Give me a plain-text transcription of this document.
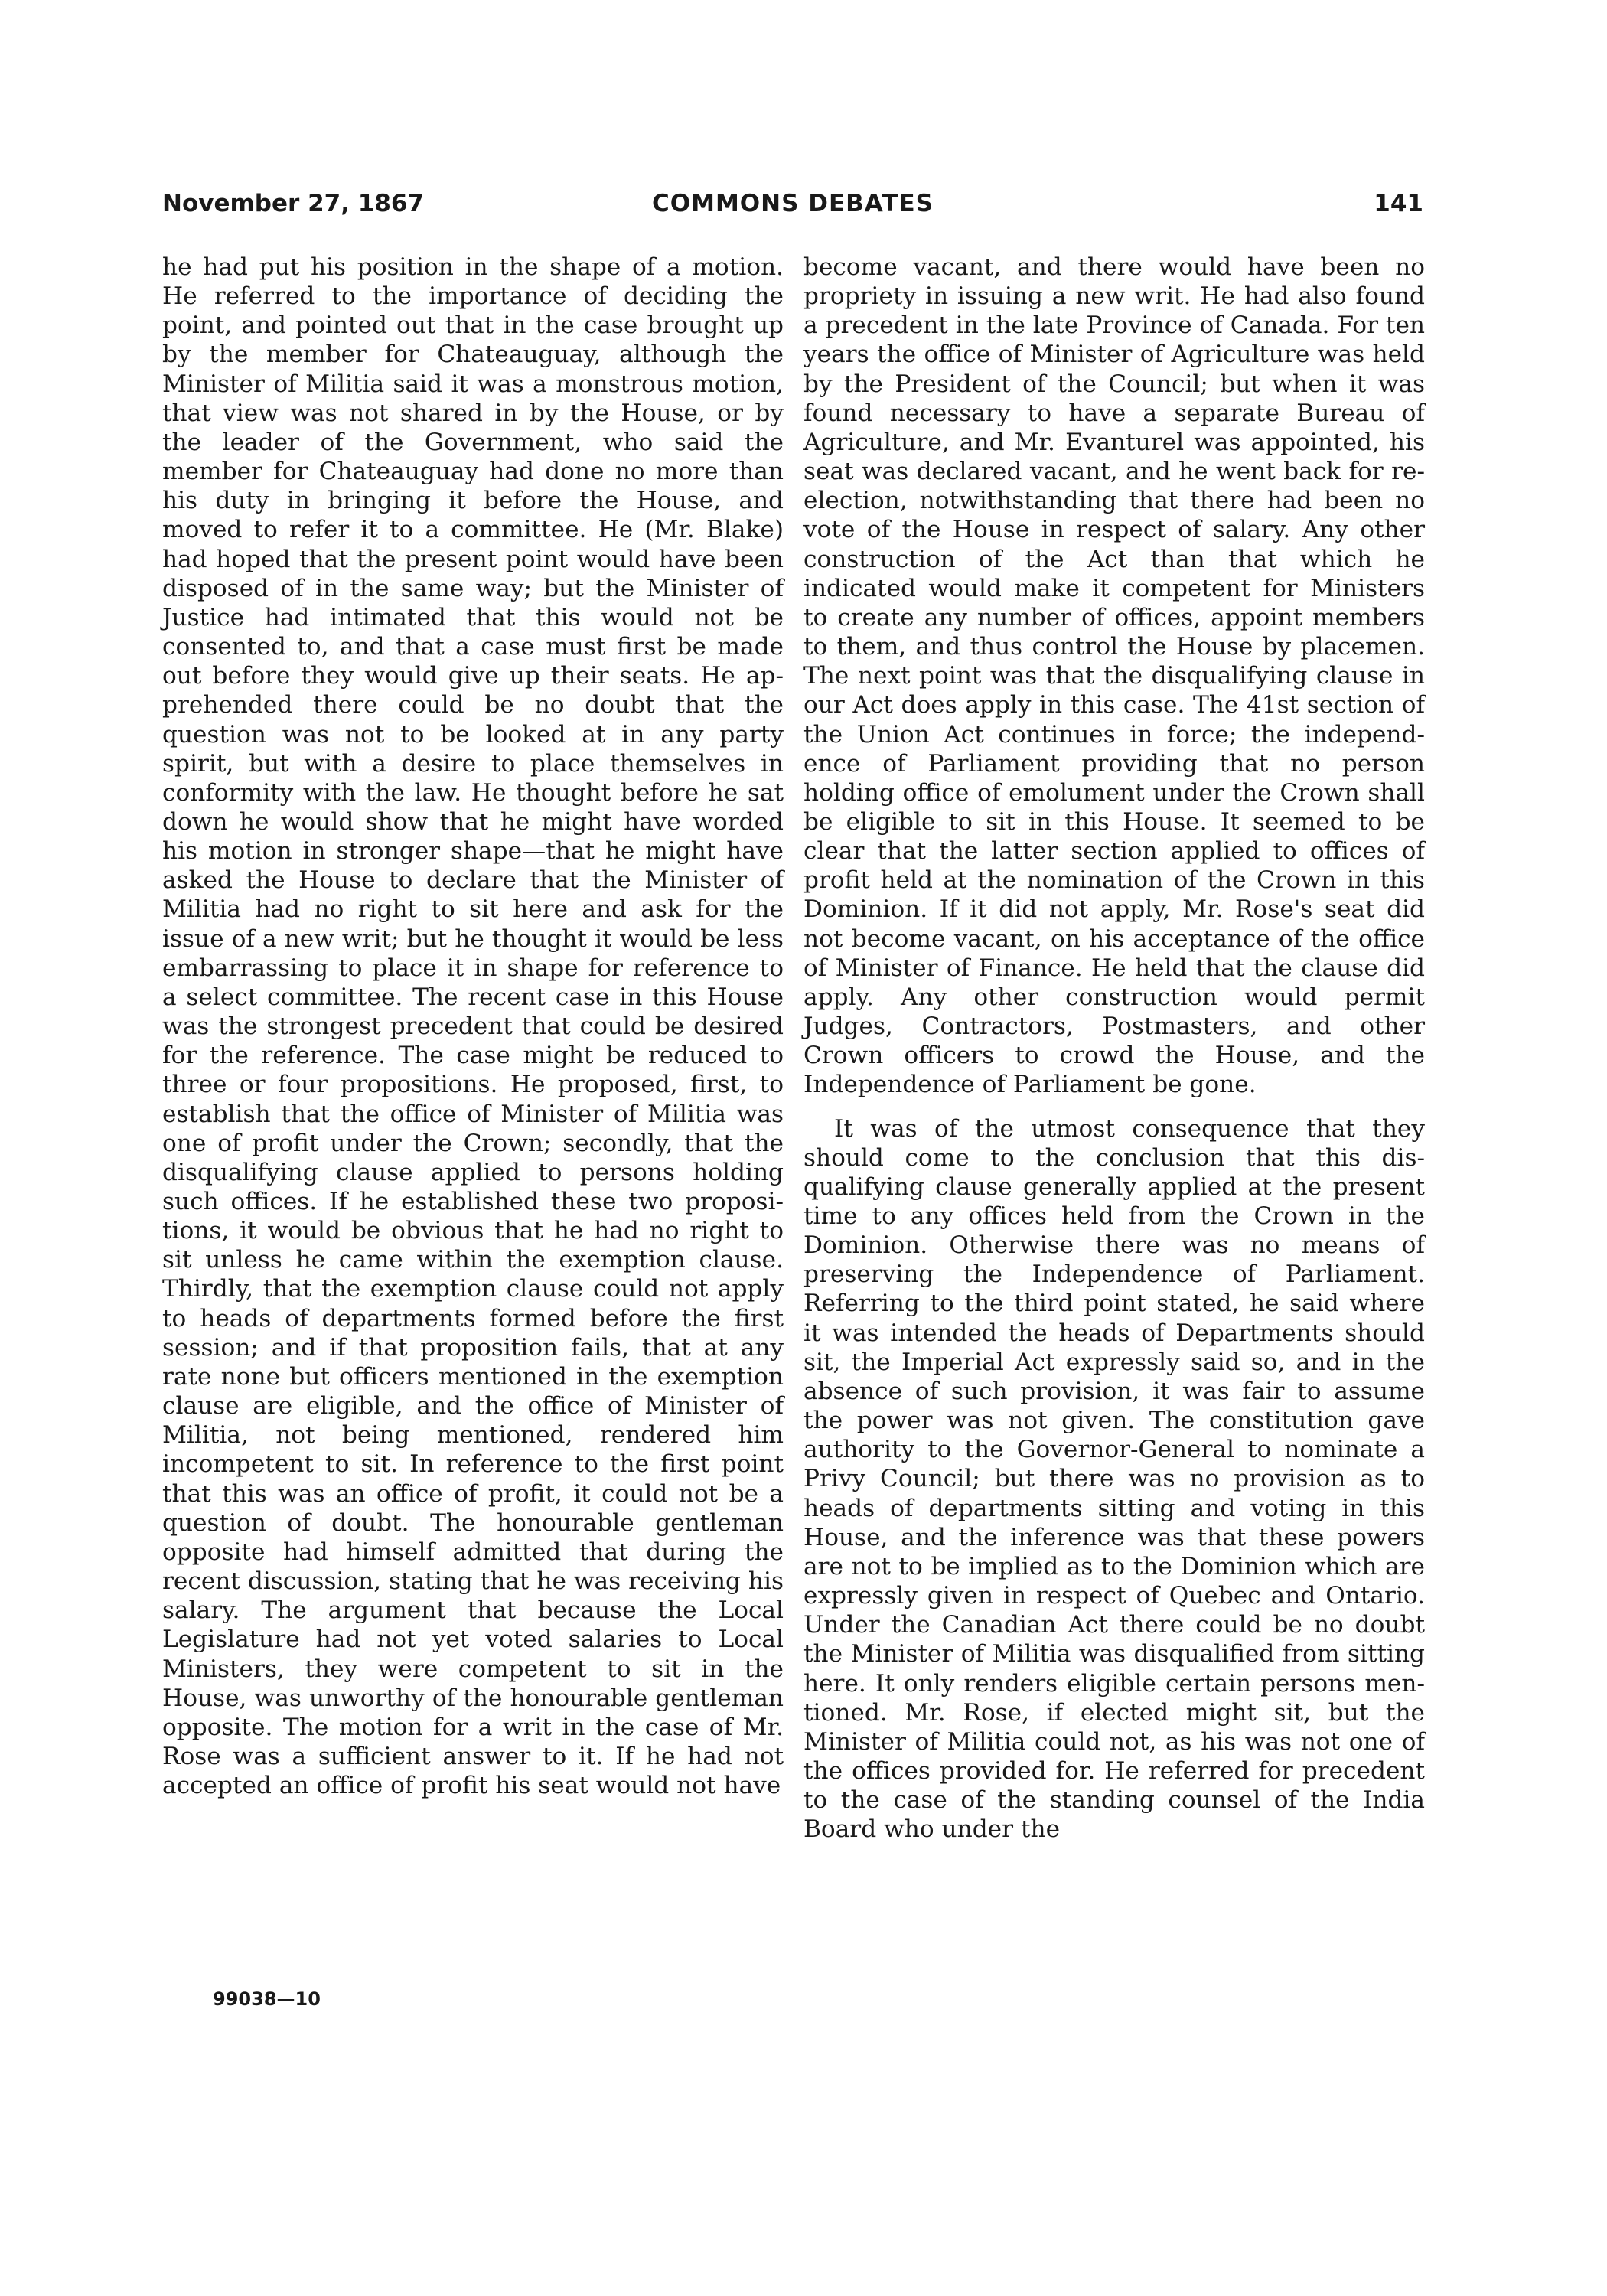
November 27, 1867	COMMONS DEBATES	141

he had put his position in the shape of a motion. He referred to the importance of deciding the point, and pointed out that in the case brought up by the member for Chateauguay, although the Minister of Militia said it was a monstrous motion, that view was not shared in by the House, or by the leader of the Government, who said the member for Chateauguay had done no more than his duty in bringing it before the House, and moved to refer it to a committee. He (Mr. Blake) had hoped that the present point would have been disposed of in the same way; but the Minister of Justice had intimated that this would not be consented to, and that a case must first be made out before they would give up their seats. He apprehended there could be no doubt that the question was not to be looked at in any party spirit, but with a desire to place themselves in conformity with the law. He thought before he sat down he would show that he might have worded his motion in stronger shape—that he might have asked the House to declare that the Minister of Militia had no right to sit here and ask for the issue of a new writ; but he thought it would be less embarrassing to place it in shape for reference to a select committee. The recent case in this House was the strongest precedent that could be desired for the reference. The case might be reduced to three or four propositions. He proposed, first, to establish that the office of Minister of Militia was one of profit under the Crown; secondly, that the disqualifying clause applied to persons holding such offices. If he established these two propositions, it would be obvious that he had no right to sit unless he came within the exemption clause. Thirdly, that the exemption clause could not apply to heads of departments formed before the first session; and if that proposition fails, that at any rate none but officers mentioned in the exemption clause are eligible, and the office of Minister of Militia, not being mentioned, rendered him incompetent to sit. In reference to the first point that this was an office of profit, it could not be a question of doubt. The honourable gentleman opposite had himself admitted that during the recent discussion, stating that he was receiving his salary. The argument that because the Local Legislature had not yet voted salaries to Local Ministers, they were competent to sit in the House, was unworthy of the honourable gentleman opposite. The motion for a writ in the case of Mr. Rose was a sufficient answer to it. If he had not accepted an office of profit his seat would not have

become vacant, and there would have been no propriety in issuing a new writ. He had also found a precedent in the late Province of Canada. For ten years the office of Minister of Agriculture was held by the President of the Council; but when it was found necessary to have a separate Bureau of Agriculture, and Mr. Evanturel was appointed, his seat was declared vacant, and he went back for reelection, notwithstanding that there had been no vote of the House in respect of salary. Any other construction of the Act than that which he indicated would make it competent for Ministers to create any number of offices, appoint members to them, and thus control the House by placemen. The next point was that the disqualifying clause in our Act does apply in this case. The 41st section of the Union Act continues in force; the independence of Parliament providing that no person holding office of emolument under the Crown shall be eligible to sit in this House. It seemed to be clear that the latter section applied to offices of profit held at the nomination of the Crown in this Dominion. If it did not apply, Mr. Rose's seat did not become vacant, on his acceptance of the office of Minister of Finance. He held that the clause did apply. Any other construction would permit Judges, Contractors, Postmasters, and other Crown officers to crowd the House, and the Independence of Parliament be gone.

It was of the utmost consequence that they should come to the conclusion that this disqualifying clause generally applied at the present time to any offices held from the Crown in the Dominion. Otherwise there was no means of preserving the Independence of Parliament. Referring to the third point stated, he said where it was intended the heads of Departments should sit, the Imperial Act expressly said so, and in the absence of such provision, it was fair to assume the power was not given. The constitution gave authority to the Governor-General to nominate a Privy Council; but there was no provision as to heads of departments sitting and voting in this House, and the inference was that these powers are not to be implied as to the Dominion which are expressly given in respect of Quebec and Ontario. Under the Canadian Act there could be no doubt the Minister of Militia was disqualified from sitting here. It only renders eligible certain persons mentioned. Mr. Rose, if elected might sit, but the Minister of Militia could not, as his was not one of the offices provided for. He referred for precedent to the case of the standing counsel of the India Board who under the

99038—10
